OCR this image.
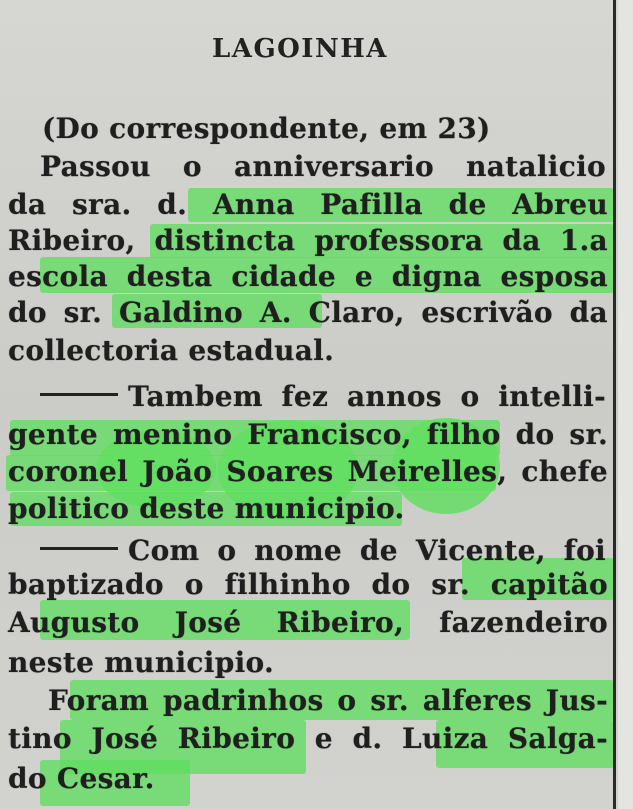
LAGOINHA
(Do correspondente, em 23)
Passou o anniversario natalicio
da sra. d. Anna Pafilla de Abreu
Ribeiro, distincta professora da 1.a
escola desta cidade e digna esposa
do sr. Galdino A. Claro, escrivão da
collectoria estadual.
Tambem fez annos o intelli-
gente menino Francisco, filho do sr.
coronel João Soares Meirelles, chefe
politico deste municipio.
Com o nome de Vicente, foi
baptizado o filhinho do sr. capitão
Augusto José Ribeiro, fazendeiro
neste municipio.
Foram padrinhos o sr. alferes Jus-
tino José Ribeiro e d. Luiza Salga-
do Cesar.
